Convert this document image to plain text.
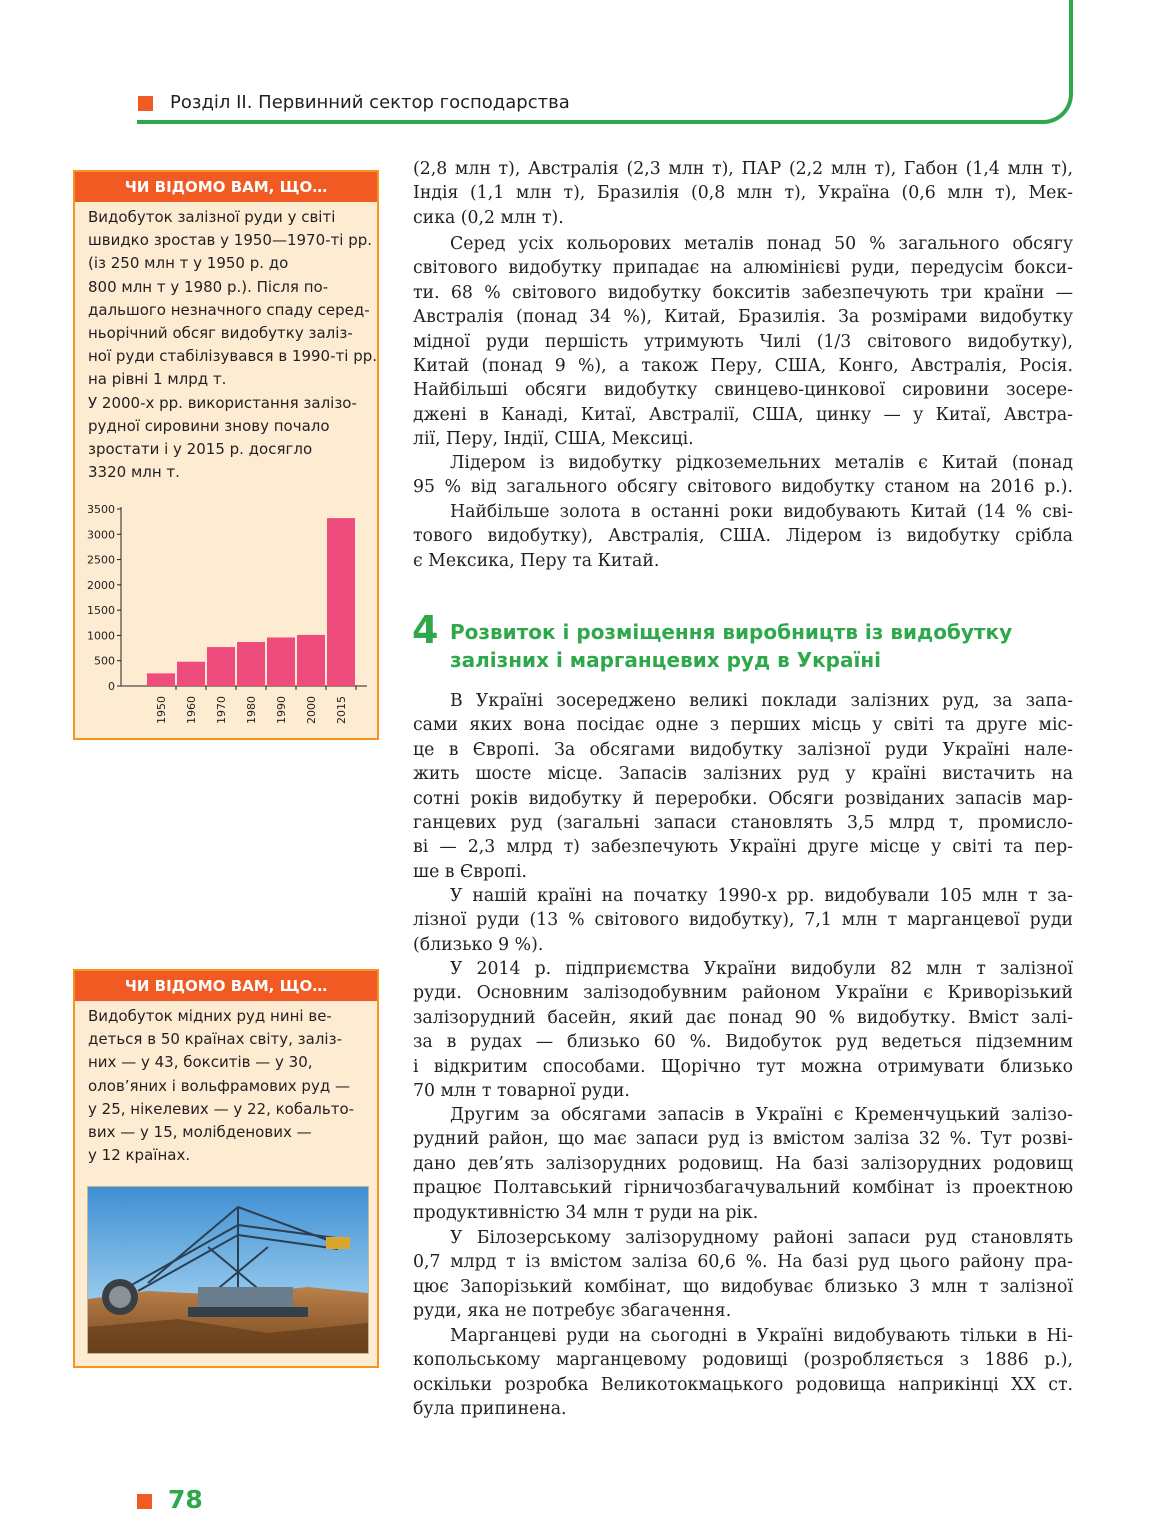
Розділ ІІ. Первинний сектор господарства
ЧИ ВІДОМО ВАМ, ЩО…
Видобуток залізної руди у світі
швидко зростав у 1950—1970-ті рр.
(із 250 млн т у 1950 р. до
800 млн т у 1980 р.). Після по-
дальшого незначного спаду серед-
ньорічний обсяг видобутку заліз-
ної руди стабілізувався в 1990-ті рр.
на рівні 1 млрд т.
У 2000-х рр. використання залізо-
рудної сировини знову почало
зростати і у 2015 р. досягло
3320 млн т.
0
500
1000
1500
2000
2500
3000
3500
1950 1960 1970 1980 1990 2000 2015
ЧИ ВІДОМО ВАМ, ЩО…
Видобуток мідних руд нині ве-
деться в 50 країнах світу, заліз-
них — у 43, бокситів — у 30,
олов’яних і вольфрамових руд —
у 25, нікелевих — у 22, кобальто-
вих — у 15, молібденових —
у 12 країнах.
(2,8 млн т), Австралія (2,3 млн т), ПАР (2,2 млн т), Габон (1,4 млн т),
Індія (1,1 млн т), Бразилія (0,8 млн т), Україна (0,6 млн т), Мек-
сика (0,2 млн т).
Серед усіх кольорових металів понад 50 % загального обсягу
світового видобутку припадає на алюмінієві руди, передусім бокси-
ти. 68 % світового видобутку бокситів забезпечують три країни —
Австралія (понад 34 %), Китай, Бразилія. За розмірами видобутку
мідної руди першість утримують Чилі (1/3 світового видобутку),
Китай (понад 9 %), а також Перу, США, Конго, Австралія, Росія.
Найбільші обсяги видобутку свинцево-цинкової сировини зосере-
джені в Канаді, Китаї, Австралії, США, цинку — у Китаї, Австра-
лії, Перу, Індії, США, Мексиці.
Лідером із видобутку рідкоземельних металів є Китай (понад
95 % від загального обсягу світового видобутку станом на 2016 р.).
Найбільше золота в останні роки видобувають Китай (14 % сві-
тового видобутку), Австралія, США. Лідером із видобутку срібла
є Мексика, Перу та Китай.
4 Розвиток і розміщення виробництв із видобутку
залізних і марганцевих руд в Україні
В Україні зосереджено великі поклади залізних руд, за запа-
сами яких вона посідає одне з перших місць у світі та друге міс-
це в Європі. За обсягами видобутку залізної руди Україні нале-
жить шосте місце. Запасів залізних руд у країні вистачить на
сотні років видобутку й переробки. Обсяги розвіданих запасів мар-
ганцевих руд (загальні запаси становлять 3,5 млрд т, промисло-
ві — 2,3 млрд т) забезпечують Україні друге місце у світі та пер-
ше в Європі.
У нашій країні на початку 1990-х рр. видобували 105 млн т за-
лізної руди (13 % світового видобутку), 7,1 млн т марганцевої руди
(близько 9 %).
У 2014 р. підприємства України видобули 82 млн т залізної
руди. Основним залізодобувним районом України є Криворізький
залізорудний басейн, який дає понад 90 % видобутку. Вміст залі-
за в рудах — близько 60 %. Видобуток руд ведеться підземним
і відкритим способами. Щорічно тут можна отримувати близько
70 млн т товарної руди.
Другим за обсягами запасів в Україні є Кременчуцький залізо-
рудний район, що має запаси руд із вмістом заліза 32 %. Тут розві-
дано дев’ять залізорудних родовищ. На базі залізорудних родовищ
працює Полтавський гірничозбагачувальний комбінат із проектною
продуктивністю 34 млн т руди на рік.
У Білозерському залізорудному районі запаси руд становлять
0,7 млрд т із вмістом заліза 60,6 %. На базі руд цього району пра-
цює Запорізький комбінат, що видобуває близько 3 млн т залізної
руди, яка не потребує збагачення.
Марганцеві руди на сьогодні в Україні видобувають тільки в Ні-
копольському марганцевому родовищі (розробляється з 1886 р.),
оскільки розробка Великотокмацького родовища наприкінці XX ст.
була припинена.
78
